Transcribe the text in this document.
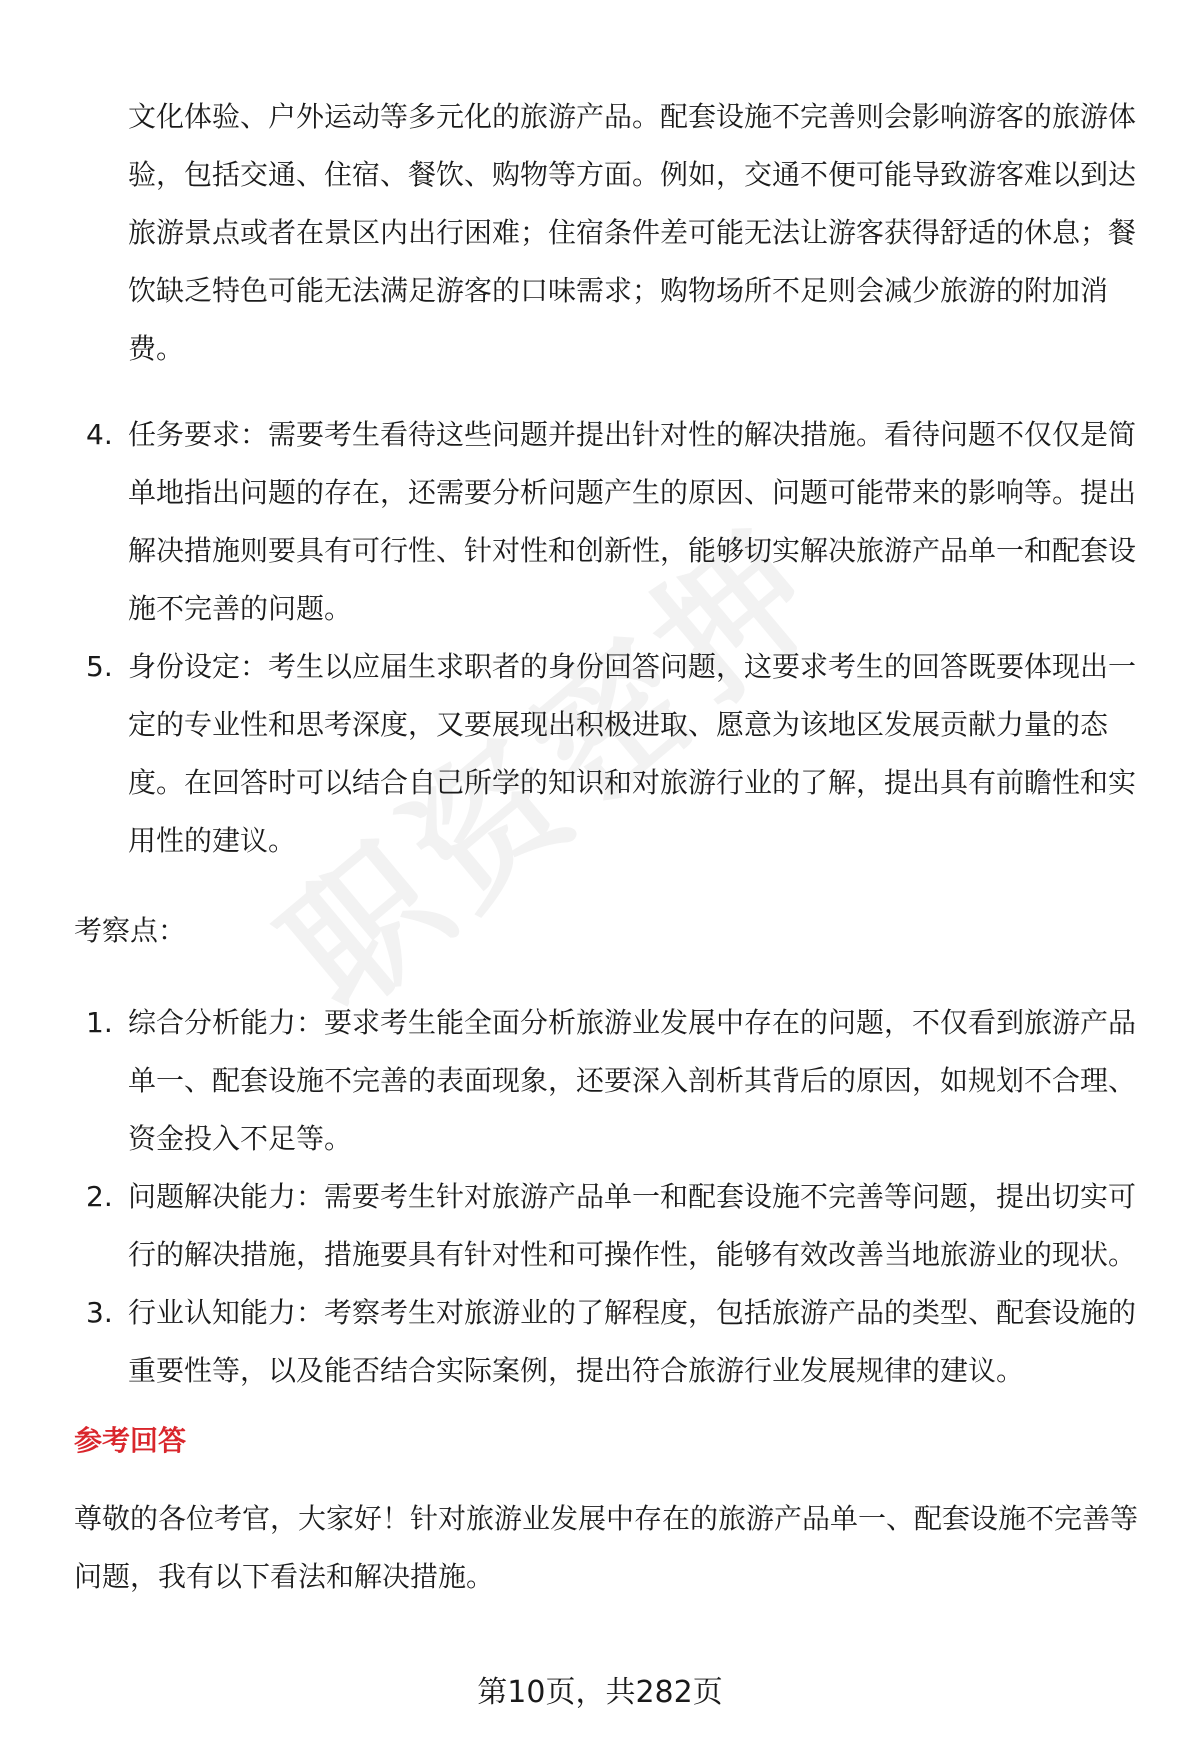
文化体验、户外运动等多元化的旅游产品。配套设施不完善则会影响游客的旅游体验，包括交通、住宿、餐饮、购物等方面。例如，交通不便可能导致游客难以到达旅游景点或者在景区内出行困难；住宿条件差可能无法让游客获得舒适的休息；餐饮缺乏特色可能无法满足游客的口味需求；购物场所不足则会减少旅游的附加消费。

4. 任务要求：需要考生看待这些问题并提出针对性的解决措施。看待问题不仅仅是简单地指出问题的存在，还需要分析问题产生的原因、问题可能带来的影响等。提出解决措施则要具有可行性、针对性和创新性，能够切实解决旅游产品单一和配套设施不完善的问题。
5. 身份设定：考生以应届生求职者的身份回答问题，这要求考生的回答既要体现出一定的专业性和思考深度，又要展现出积极进取、愿意为该地区发展贡献力量的态度。在回答时可以结合自己所学的知识和对旅游行业的了解，提出具有前瞻性和实用性的建议。
考察点：
1. 综合分析能力：要求考生能全面分析旅游业发展中存在的问题，不仅看到旅游产品单一、配套设施不完善的表面现象，还要深入剖析其背后的原因，如规划不合理、资金投入不足等。
2. 问题解决能力：需要考生针对旅游产品单一和配套设施不完善等问题，提出切实可行的解决措施，措施要具有针对性和可操作性，能够有效改善当地旅游业的现状。
3. 行业认知能力：考察考生对旅游业的了解程度，包括旅游产品的类型、配套设施的重要性等，以及能否结合实际案例，提出符合旅游行业发展规律的建议。
参考回答

尊敬的各位考官，大家好！针对旅游业发展中存在的旅游产品单一、配套设施不完善等问题，我有以下看法和解决措施。

第10页，共282页
